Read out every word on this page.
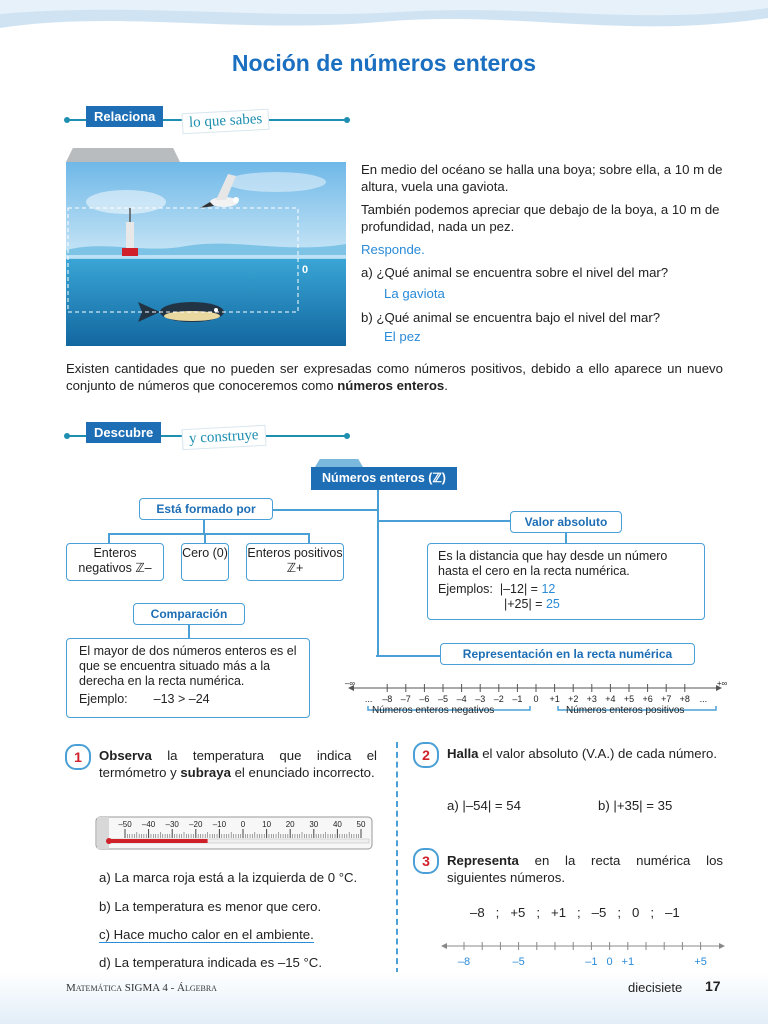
Noción de números enteros
Relaciona	lo que sabes
0
En medio del océano se halla una boya; sobre ella, a 10 m de altura, vuela una gaviota.
También podemos apreciar que debajo de la boya, a 10 m de profundidad, nada un pez.
Responde.
a) ¿Qué animal se encuentra sobre el nivel del mar?
La gaviota
b) ¿Qué animal se encuentra bajo el nivel del mar?
El pez
Existen cantidades que no pueden ser expresadas como números positivos, debido a ello aparece un nuevo conjunto de números que conoceremos como números enteros.
Descubre	y construye
Números enteros (ℤ)
Está formado por
Enteros negativos ℤ–
Cero (0) Enteros positivos ℤ+
Valor absoluto
Es la distancia que hay desde un número hasta el cero en la recta numérica.
Ejemplos: |–12| = 12
|+25| = 25
Comparación
El mayor de dos números enteros es el que se encuentra situado más a la derecha en la recta numérica.
Ejemplo: –13 > –24
Representación en la recta numérica
–∞
... –8 –7 –6 –5 –4 –3 –2 –1 0 +1 +2 +3 +4 +5 +6 +7 +8 ...
+∞
Números enteros negativos	Números enteros positivos
1	Observa la temperatura que indica el termómetro y subraya el enunciado incorrecto.
–50 –40 –30 –20 –10 0 10 20 30 40 50
a) La marca roja está a la izquierda de 0 °C.
b) La temperatura es menor que cero.
c) Hace mucho calor en el ambiente.
d) La temperatura indicada es –15 °C.
2	Halla el valor absoluto (V.A.) de cada número.
a) |–54| = 54	b) |+35| = 35
3	Representa en la recta numérica los siguientes números.
–8   ;   +5   ;   +1   ;   –5   ;   0   ;   –1
–8	–5	–1 0 +1	+5
Matemática SIGMA 4 - Álgebra	diecisiete 17
